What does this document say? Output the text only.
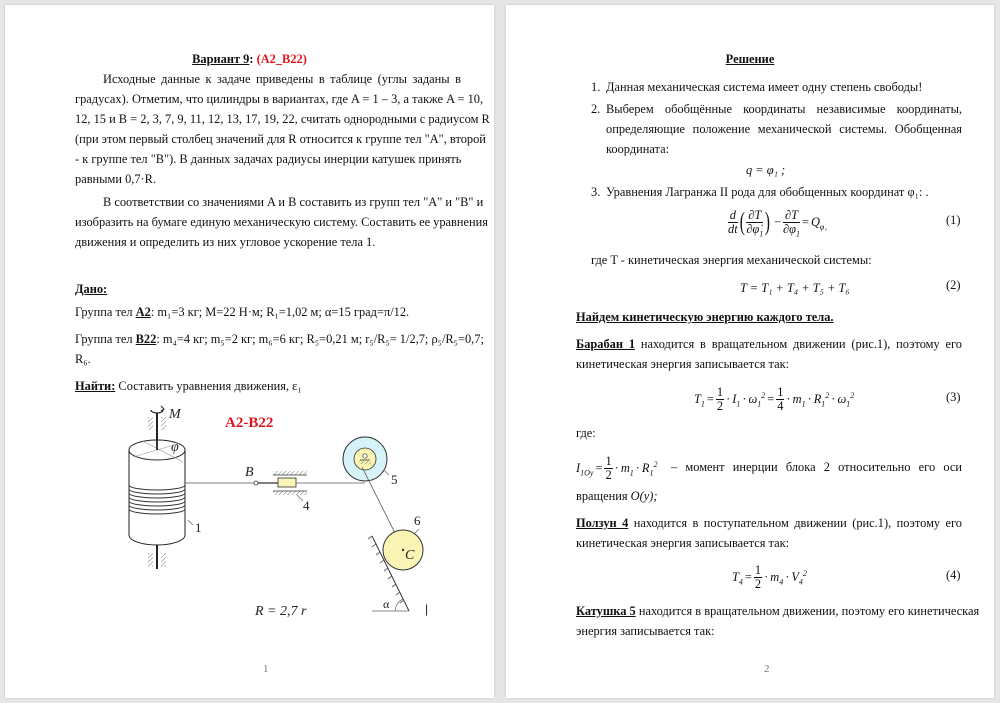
Вариант 9: (A2_B22)
Исходные данные к задаче приведены в таблице (углы заданы в
градусах). Отметим, что цилиндры в вариантах, где A = 1 – 3, а также A = 10,
12, 15 и B = 2, 3, 7, 9, 11, 12, 13, 17, 19, 22, считать однородными с радиусом R
(при этом первый столбец значений для R относится к группе тел "A", второй
- к группе тел "B"). В данных задачах радиусы инерции катушек принять
равными 0,7·R.
В соответствии со значениями A и B составить из групп тел "A" и "B" и
изобразить на бумаге единую механическую систему. Составить ее уравнения
движения и определить из них угловое ускорение тела 1.
Дано:
Группа тел A2: m₁=3 кг; M=22 Н·м; R₁=1,02 м; α=15 град=π/12.
Группа тел B22: m₄=4 кг; m₅=2 кг; m₆=6 кг; R₅=0,21 м; r₅/R₅= 1/2,7; ρ₅/R₅=0,7;
R₆.
Найти: Составить уравнения движения, ε₁
A2-B22
M
φ
1
B
4
5
α
C
6
R = 2,7 r	|
1
Решение
1. Данная механическая система имеет одну степень свободы!
2. Выберем обобщённые координаты независимые координаты,
определяющие положение механической системы. Обобщенная
координата:
q = φ₁ ;
3. Уравнения Лагранжа II рода для обобщенных координат φ₁: .
$\frac{d}{dt}$ ( $\frac{\partial T}{\partial\varphi̇_1}$ ) − $\frac{\partial T}{\partial\varphi_1} = Q_{\varphi_1}$	(1)
где T - кинетическая энергия механической системы:
T = T₁ + T₄ + T₅ + T₆	(2)
Найдем кинетическую энергию каждого тела.
Барабан 1 находится в вращательном движении (рис.1), поэтому его
кинетическая энергия записывается так:
$T_1 = \frac{1}{2} \cdot I_1 \cdot \omega_1^2 = \frac{1}{4} \cdot m_1 \cdot R_1^2 \cdot \omega_1^2$	(3)
где:
$I_{1Oy} = \frac{1}{2} \cdot m_1 \cdot R_1^2$ – момент инерции блока 2 относительно его оси
вращения O(y);
Ползун 4 находится в поступательном движении (рис.1), поэтому его
кинетическая энергия записывается так:
$T_4 = \frac{1}{2} \cdot m_4 \cdot V_4^2$	(4)
Катушка 5 находится в вращательном движении, поэтому его кинетическая
энергия записывается так:
2
